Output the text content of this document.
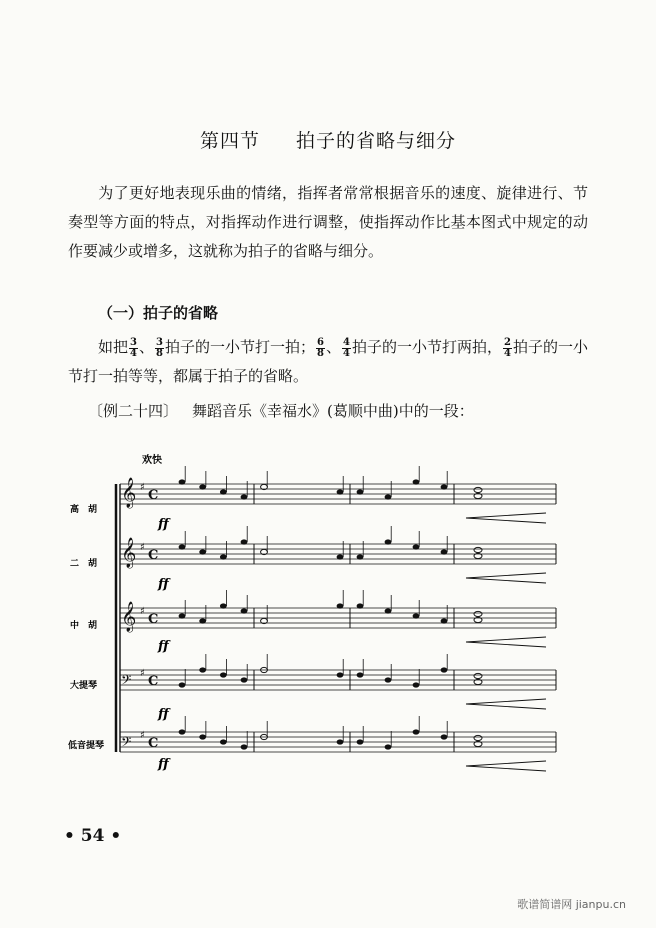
第四节 拍子的省略与细分
为了更好地表现乐曲的情绪，指挥者常常根据音乐的速度、旋律进行、节奏型等方面的特点，对指挥动作进行调整，使指挥动作比基本图式中规定的动作要减少或增多，这就称为拍子的省略与细分。
（一）拍子的省略
如把 $\frac{3}{4}$ 、 $\frac{3}{8}$ 拍子的一小节打一拍； $\frac{6}{8}$ 、 $\frac{4}{4}$ 拍子的一小节打两拍， $\frac{2}{4}$ 拍子的一小节打一拍等等，都属于拍子的省略。
〔例二十四〕 舞蹈音乐《幸福水》(葛顺中曲)中的一段：
𝄞 ♯
C
𝄞 ♯
C
𝄞 ♯
C
𝄢 ♯
C
𝄢 ♯
C
欢快
高　胡
二　胡
中　胡
大提琴
低音提琴
ff
ff
ff
ff
ff
• 54 •
歌谱简谱网 jianpu.cn
